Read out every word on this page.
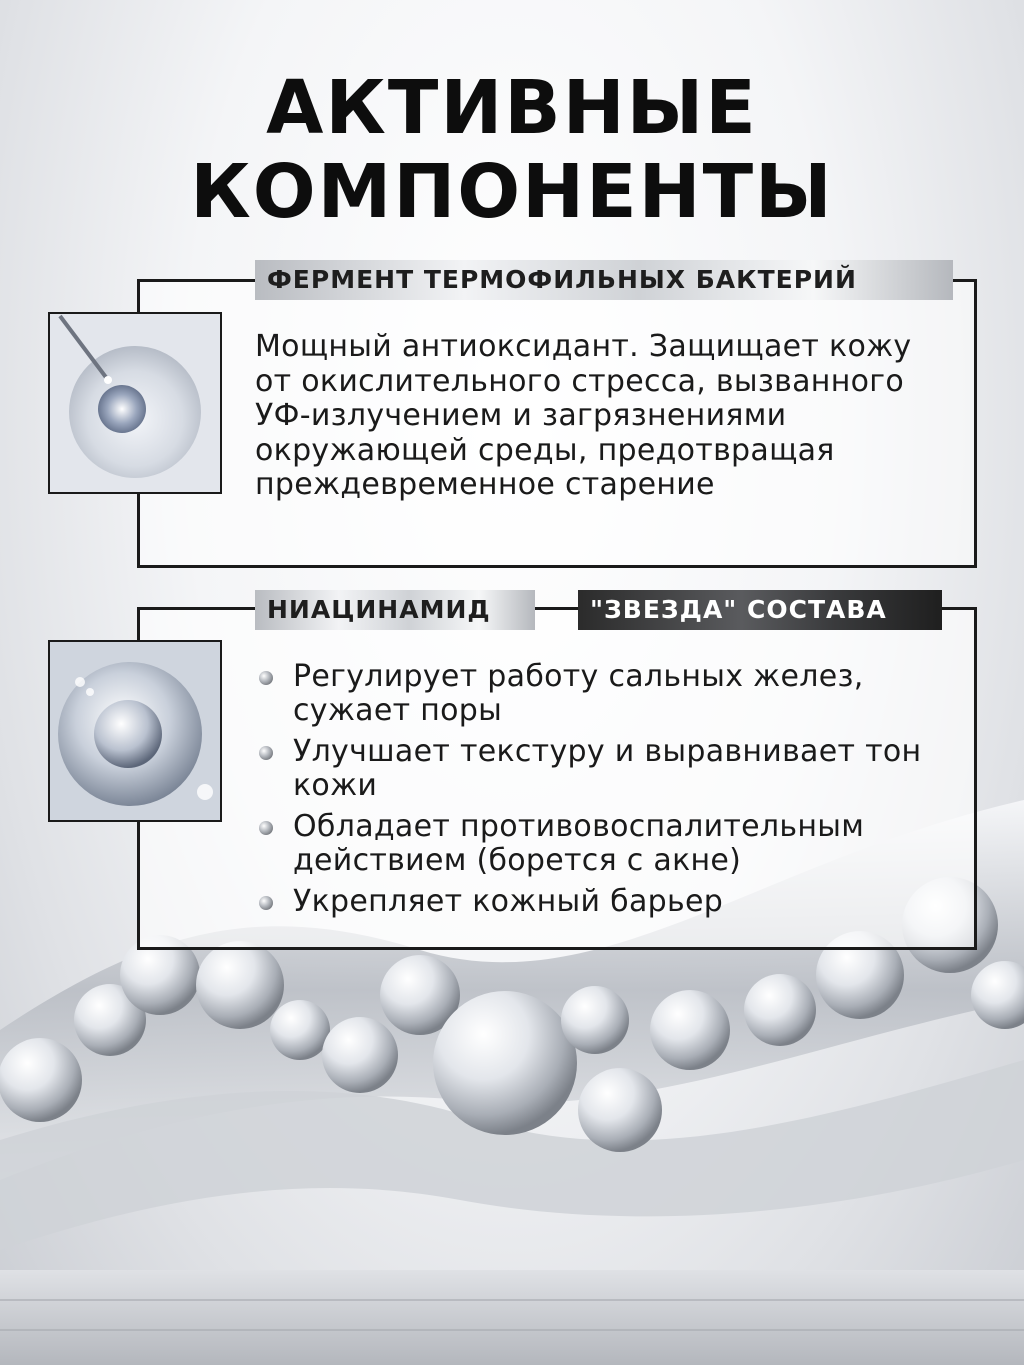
АКТИВНЫЕ
КОМПОНЕНТЫ
ФЕРМЕНТ ТЕРМОФИЛЬНЫХ БАКТЕРИЙ

Мощный антиоксидант. Защищает кожу от окислительного стресса, вызванного УФ-излучением и загрязнениями окружающей среды, предотвращая преждевременное старение

НИАЦИНАМИД	"ЗВЕЗДА" СОСТАВА
Регулирует работу сальных желез, сужает поры
Улучшает текстуру и выравнивает тон кожи
Обладает противовоспалительным действием (борется с акне)
Укрепляет кожный барьер
